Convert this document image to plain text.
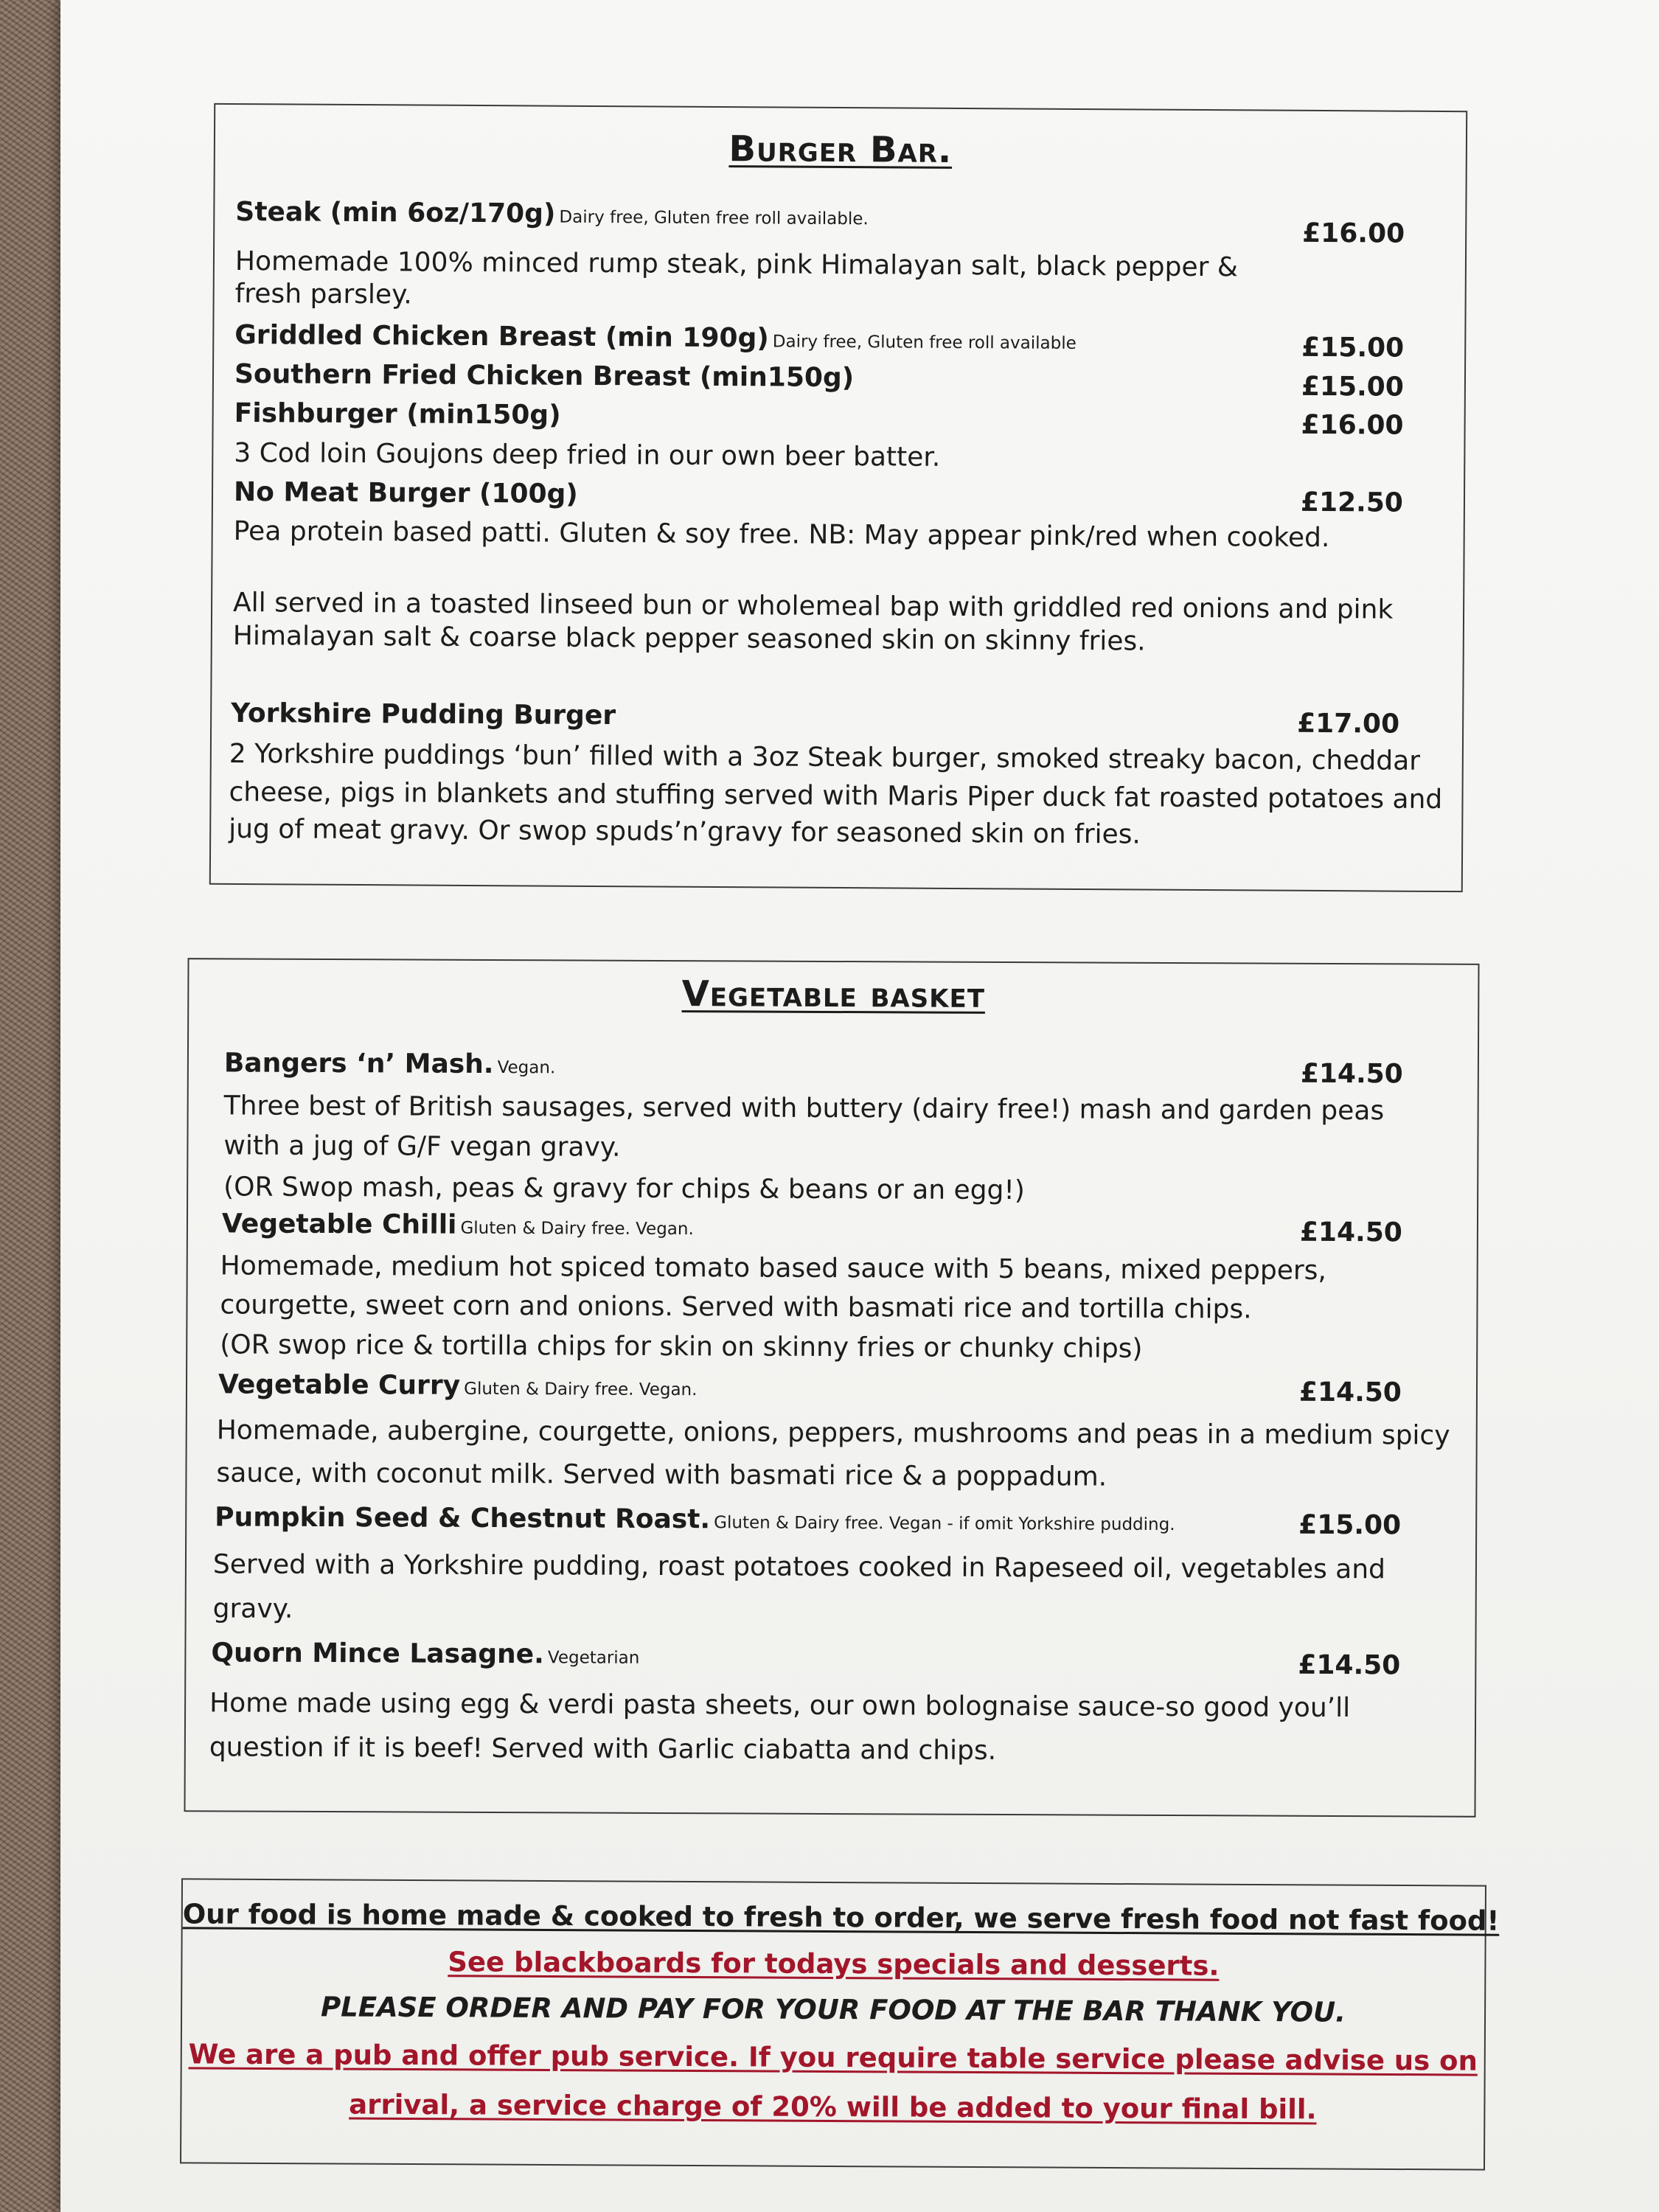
Burger Bar.
Steak (min 6oz/170g) Dairy free, Gluten free roll available.	£16.00
Homemade 100% minced rump steak, pink Himalayan salt, black pepper &
fresh parsley.
Griddled Chicken Breast (min 190g) Dairy free, Gluten free roll available	£15.00
Southern Fried Chicken Breast (min150g)	£15.00
Fishburger (min150g)	£16.00
3 Cod loin Goujons deep fried in our own beer batter.
No Meat Burger (100g)	£12.50
Pea protein based patti. Gluten & soy free. NB: May appear pink/red when cooked.
All served in a toasted linseed bun or wholemeal bap with griddled red onions and pink
Himalayan salt & coarse black pepper seasoned skin on skinny fries.
Yorkshire Pudding Burger	£17.00
2 Yorkshire puddings ‘bun’ filled with a 3oz Steak burger, smoked streaky bacon, cheddar
cheese, pigs in blankets and stuffing served with Maris Piper duck fat roasted potatoes and
jug of meat gravy. Or swop spuds’n’gravy for seasoned skin on fries.
Vegetable basket
Bangers ‘n’ Mash. Vegan.	£14.50
Three best of British sausages, served with buttery (dairy free!) mash and garden peas
with a jug of G/F vegan gravy.
(OR Swop mash, peas & gravy for chips & beans or an egg!)
Vegetable Chilli Gluten & Dairy free. Vegan.	£14.50
Homemade, medium hot spiced tomato based sauce with 5 beans, mixed peppers,
courgette, sweet corn and onions. Served with basmati rice and tortilla chips.
(OR swop rice & tortilla chips for skin on skinny fries or chunky chips)
Vegetable Curry Gluten & Dairy free. Vegan.	£14.50
Homemade, aubergine, courgette, onions, peppers, mushrooms and peas in a medium spicy
sauce, with coconut milk. Served with basmati rice & a poppadum.
Pumpkin Seed & Chestnut Roast. Gluten & Dairy free. Vegan - if omit Yorkshire pudding.	£15.00
Served with a Yorkshire pudding, roast potatoes cooked in Rapeseed oil, vegetables and
gravy.
Quorn Mince Lasagne. Vegetarian	£14.50
Home made using egg & verdi pasta sheets, our own bolognaise sauce-so good you’ll
question if it is beef! Served with Garlic ciabatta and chips.
Our food is home made & cooked to fresh to order, we serve fresh food not fast food!
See blackboards for todays specials and desserts.
PLEASE ORDER AND PAY FOR YOUR FOOD AT THE BAR THANK YOU.
We are a pub and offer pub service. If you require table service please advise us on
arrival, a service charge of 20% will be added to your final bill.
